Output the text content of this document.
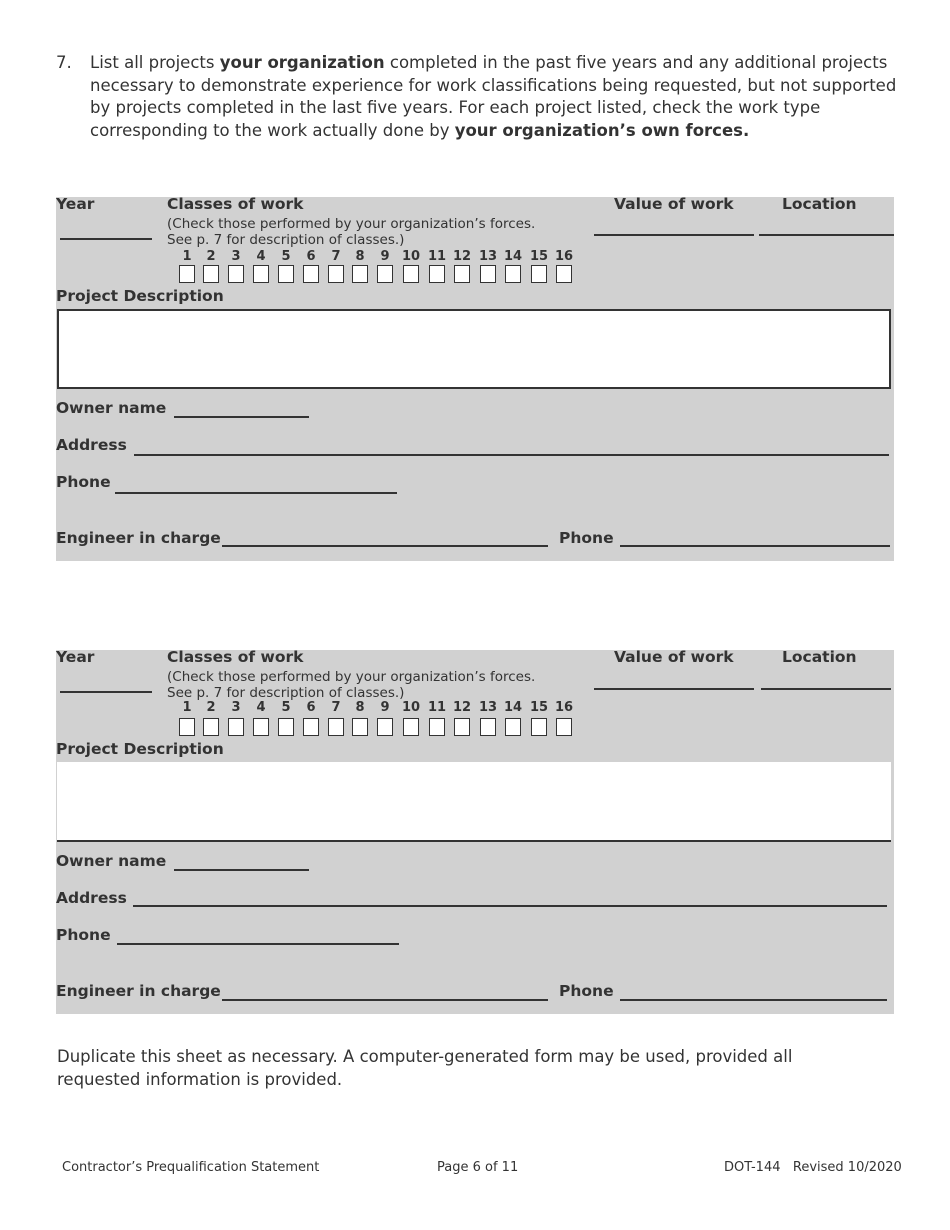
7. List all projects your organization completed in the past five years and any additional projects necessary to demonstrate experience for work classifications being requested, but not supported by projects completed in the last five years. For each project listed, check the work type corresponding to the work actually done by your organization’s own forces.
Year	Classes of work
(Check those performed by your organization’s forces.
See p. 7 for description of classes.)
1	2	3	4	5	6	7	8	9 10 11 12 13 14 15 16
Value of work	Location
Project Description
Owner name
Address
Phone
Engineer in charge	Phone
Year	Classes of work
(Check those performed by your organization’s forces.
See p. 7 for description of classes.)
1	2	3	4	5	6	7	8	9 10 11 12 13 14 15 16
Value of work	Location
Project Description
Owner name
Address
Phone
Engineer in charge	Phone
Duplicate this sheet as necessary. A computer-generated form may be used, provided all requested information is provided.
Contractor’s Prequalification Statement	Page 6 of 11	DOT-144   Revised 10/2020
